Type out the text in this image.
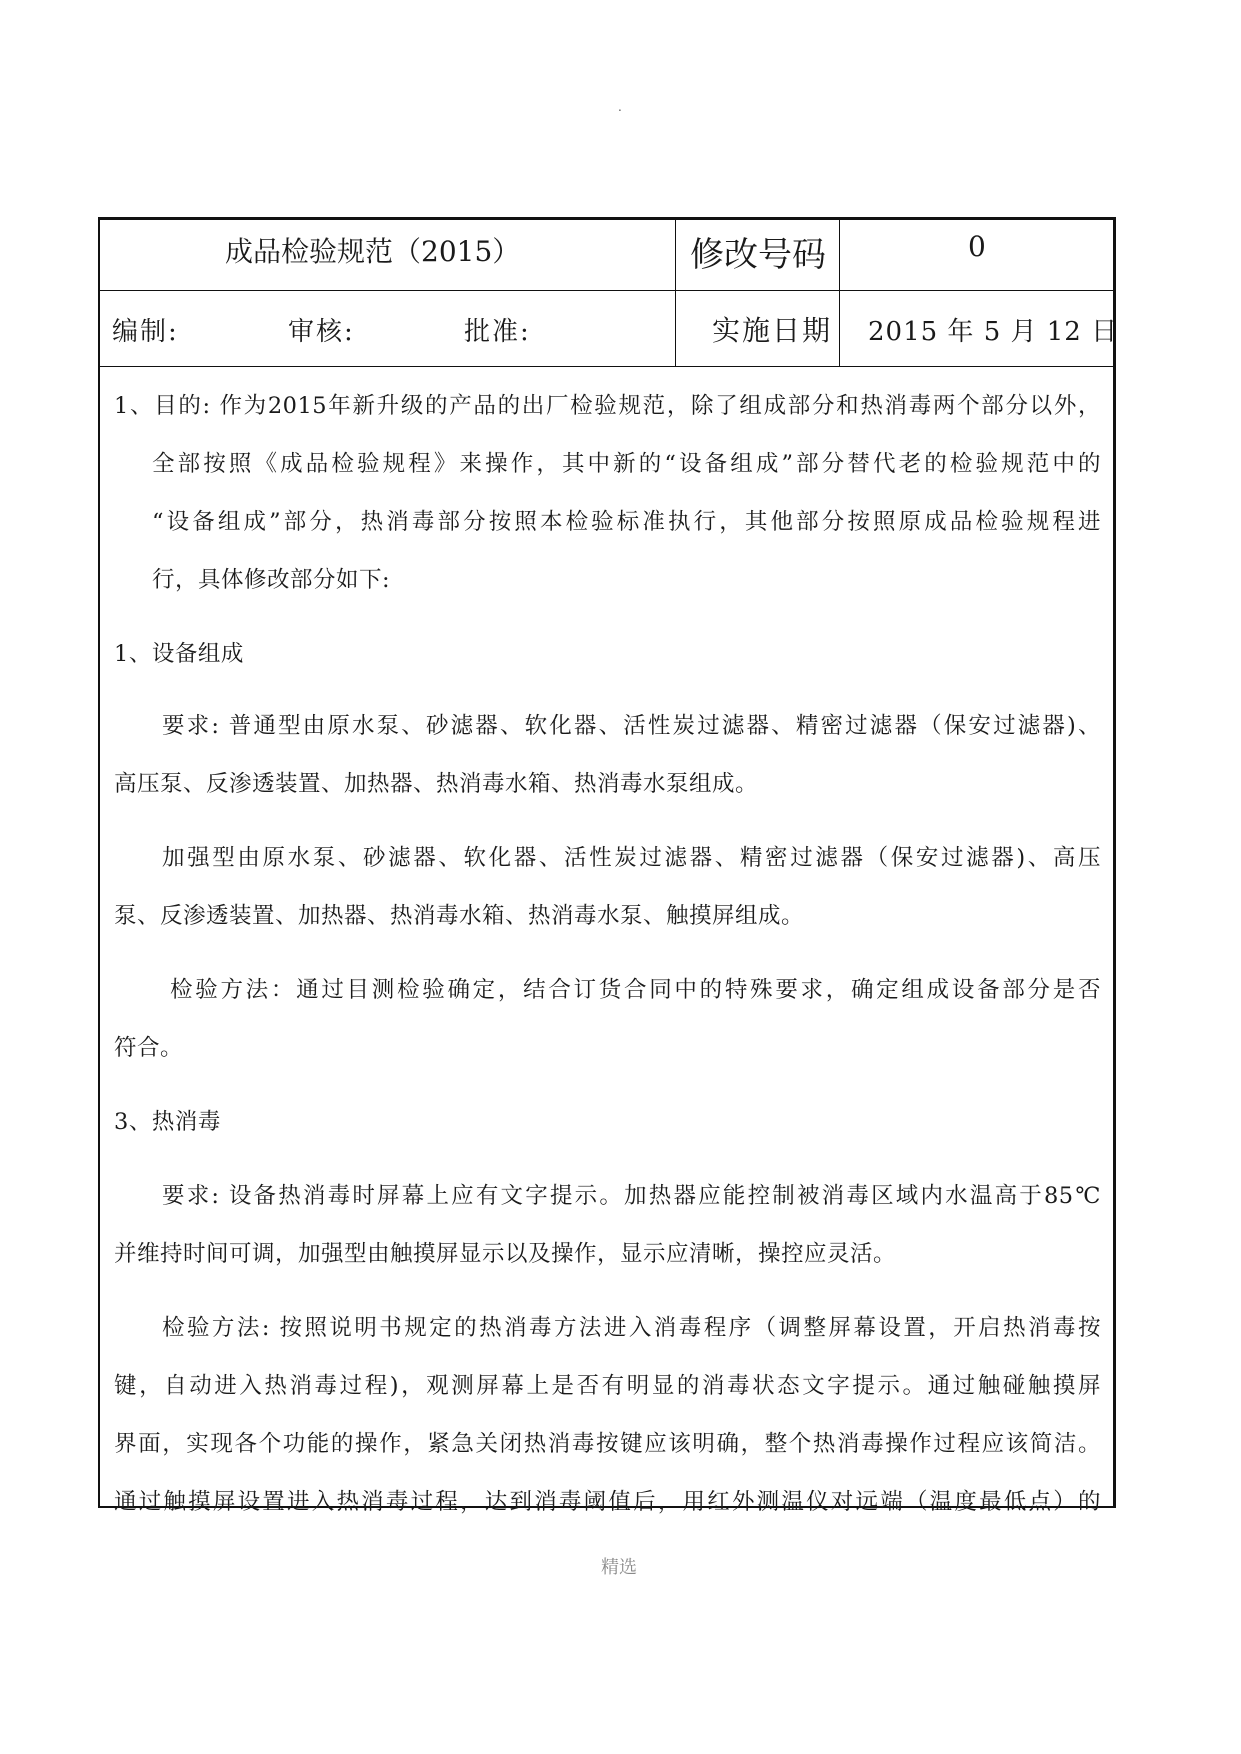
.
成品检验规范（2015）	修改号码	0
编制:	审核:	批准:	实施日期 2015 年 5 月 12 日
1、目的: 作为2015年新升级的产品的出厂检验规范，除了组成部分和热消毒两个部分以外，
全部按照《成品检验规程》来操作，其中新的“设备组成”部分替代老的检验规范中的
“设备组成”部分，热消毒部分按照本检验标准执行，其他部分按照原成品检验规程进
行，具体修改部分如下:
1、设备组成
要求: 普通型由原水泵、砂滤器、软化器、活性炭过滤器、精密过滤器（保安过滤器)、
高压泵、反渗透装置、加热器、热消毒水箱、热消毒水泵组成。
加强型由原水泵、砂滤器、软化器、活性炭过滤器、精密过滤器（保安过滤器)、高压
泵、反渗透装置、加热器、热消毒水箱、热消毒水泵、触摸屏组成。
检验方法：通过目测检验确定，结合订货合同中的特殊要求，确定组成设备部分是否
符合。
3、热消毒
要求: 设备热消毒时屏幕上应有文字提示。加热器应能控制被消毒区域内水温高于85℃
并维持时间可调，加强型由触摸屏显示以及操作，显示应清晰，操控应灵活。
检验方法: 按照说明书规定的热消毒方法进入消毒程序（调整屏幕设置，开启热消毒按
键，自动进入热消毒过程)，观测屏幕上是否有明显的消毒状态文字提示。通过触碰触摸屏
界面，实现各个功能的操作，紧急关闭热消毒按键应该明确，整个热消毒操作过程应该简洁。
通过触摸屏设置进入热消毒过程，达到消毒阈值后，用红外测温仪对远端（温度最低点）的
精选
